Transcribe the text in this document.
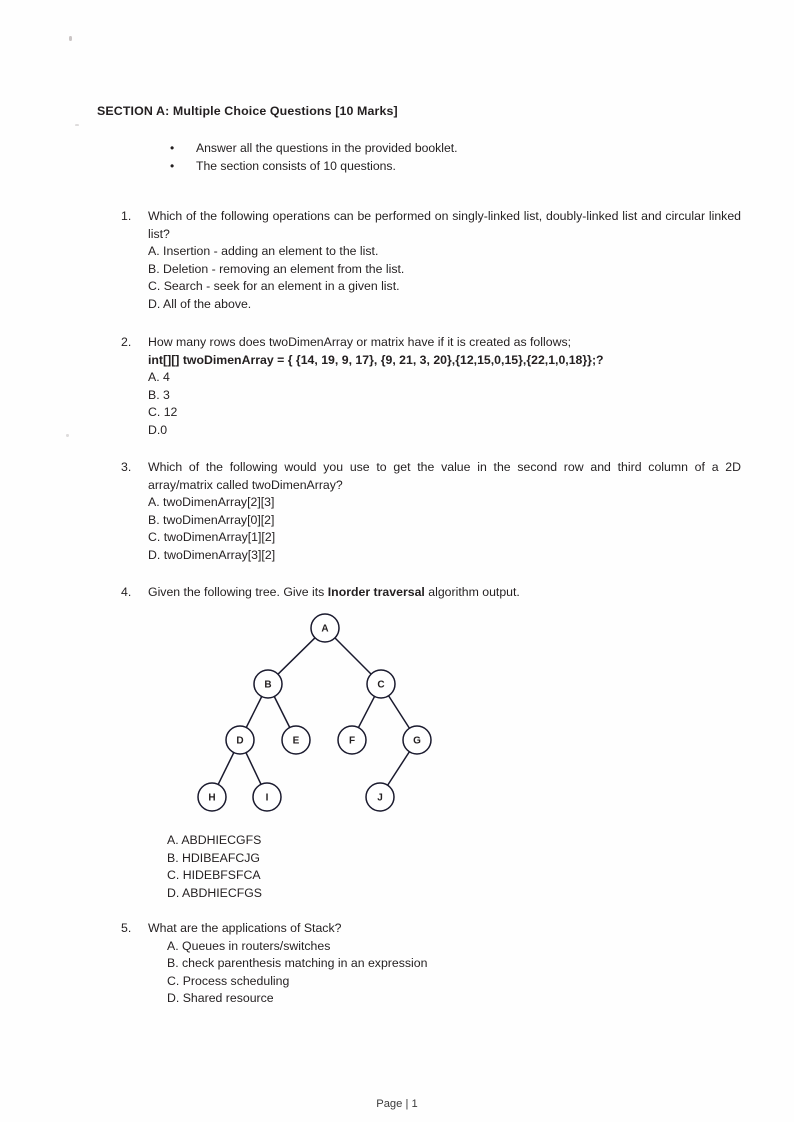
SECTION A: Multiple Choice Questions [10 Marks]
•	Answer all the questions in the provided booklet.
•	The section consists of 10 questions.
1.	Which of the following operations can be performed on singly-linked list, doubly-linked list and circular linked list?
A. Insertion - adding an element to the list.
B. Deletion - removing an element from the list.
C. Search - seek for an element in a given list.
D. All of the above.
2.	How many rows does twoDimenArray or matrix have if it is created as follows;
int[][] twoDimenArray = { {14, 19, 9, 17}, {9, 21, 3, 20},{12,15,0,15},{22,1,0,18}};?
A. 4
B. 3
C. 12
D.0
3.	Which of the following would you use to get the value in the second row and third column of a 2D array/matrix called twoDimenArray?
A. twoDimenArray[2][3]
B. twoDimenArray[0][2]
C. twoDimenArray[1][2]
D. twoDimenArray[3][2]
4.	Given the following tree. Give its Inorder traversal algorithm output.
A
B	C
D	E	F	G
H	I	J
A. ABDHIECGFS
B. HDIBEAFCJG
C. HIDEBFSFCA
D. ABDHIECFGS
5.	What are the applications of Stack?
A. Queues in routers/switches
B. check parenthesis matching in an expression
C. Process scheduling
D. Shared resource
Page | 1
